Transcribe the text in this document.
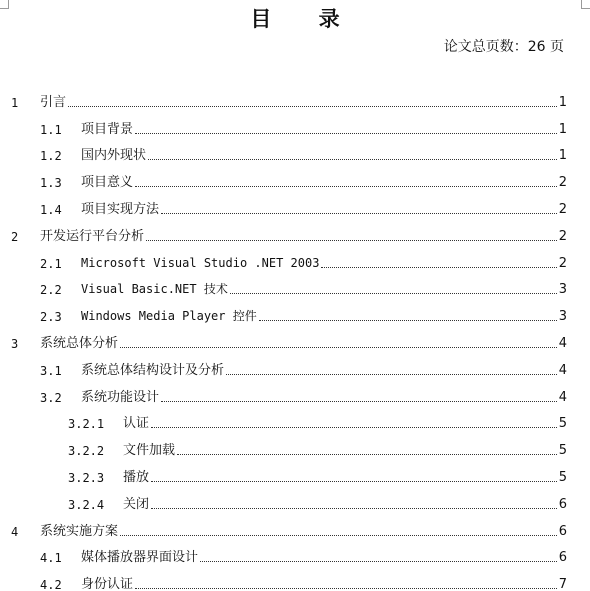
目 录
论文总页数：26 页
1 引言	1
1.1 项目背景	1
1.2 国内外现状	1
1.3 项目意义	2
1.4 项目实现方法	2
2 开发运行平台分析	2
2.1 Microsoft Visual Studio .NET 2003	2
2.2 Visual Basic.NET 技术	3
2.3 Windows Media Player 控件	3
3 系统总体分析	4
3.1 系统总体结构设计及分析	4
3.2 系统功能设计	4
3.2.1 认证	5
3.2.2 文件加载	5
3.2.3 播放	5
3.2.4 关闭	6
4 系统实施方案	6
4.1 媒体播放器界面设计	6
4.2 身份认证	7
